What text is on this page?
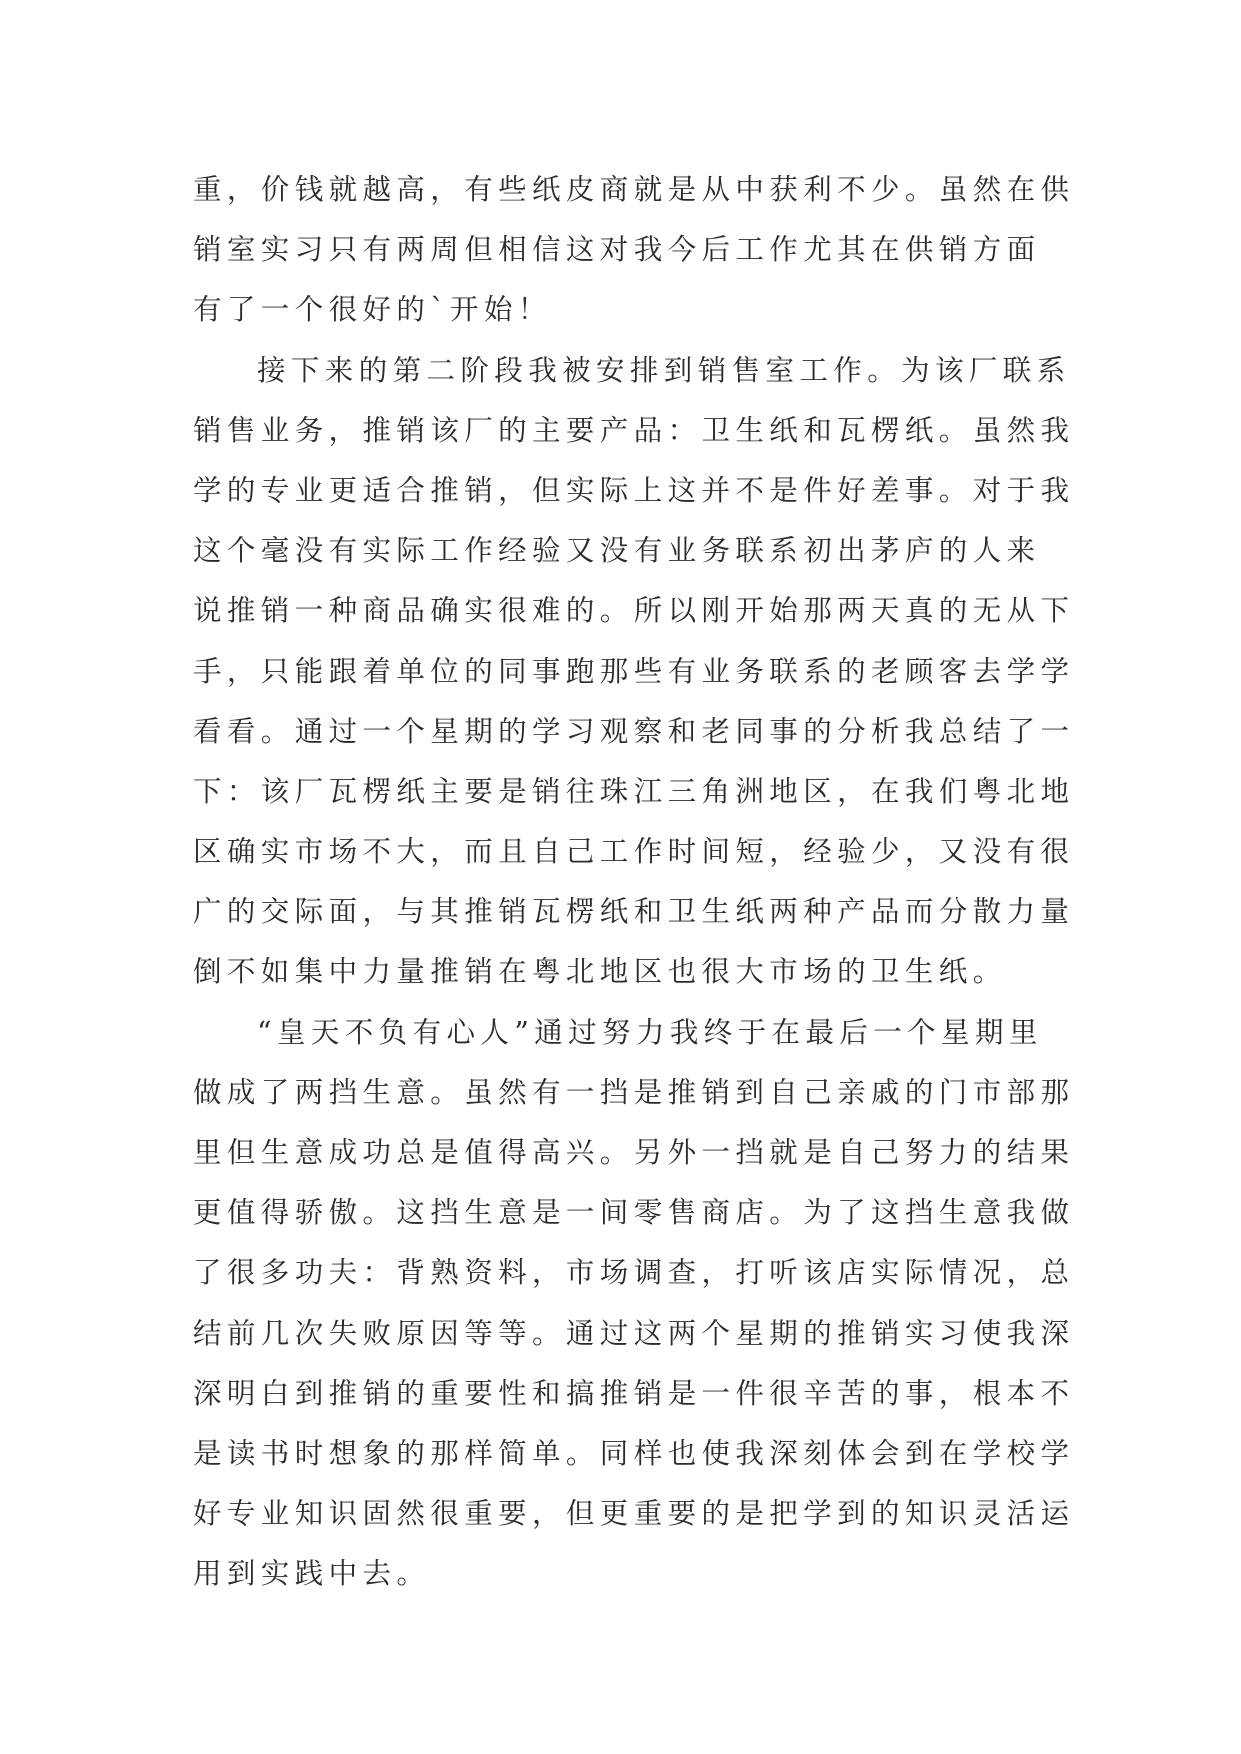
重，价钱就越高，有些纸皮商就是从中获利不少。虽然在供
销室实习只有两周但相信这对我今后工作尤其在供销方面
有了一个很好的`开始！
接下来的第二阶段我被安排到销售室工作。为该厂联系
销售业务，推销该厂的主要产品：卫生纸和瓦楞纸。虽然我
学的专业更适合推销，但实际上这并不是件好差事。对于我
这个毫没有实际工作经验又没有业务联系初出茅庐的人来
说推销一种商品确实很难的。所以刚开始那两天真的无从下
手，只能跟着单位的同事跑那些有业务联系的老顾客去学学
看看。通过一个星期的学习观察和老同事的分析我总结了一
下：该厂瓦楞纸主要是销往珠江三角洲地区，在我们粤北地
区确实市场不大，而且自己工作时间短，经验少，又没有很
广的交际面，与其推销瓦楞纸和卫生纸两种产品而分散力量
倒不如集中力量推销在粤北地区也很大市场的卫生纸。
“皇天不负有心人”通过努力我终于在最后一个星期里
做成了两挡生意。虽然有一挡是推销到自己亲戚的门市部那
里但生意成功总是值得高兴。另外一挡就是自己努力的结果
更值得骄傲。这挡生意是一间零售商店。为了这挡生意我做
了很多功夫：背熟资料，市场调查，打听该店实际情况，总
结前几次失败原因等等。通过这两个星期的推销实习使我深
深明白到推销的重要性和搞推销是一件很辛苦的事，根本不
是读书时想象的那样简单。同样也使我深刻体会到在学校学
好专业知识固然很重要，但更重要的是把学到的知识灵活运
用到实践中去。
